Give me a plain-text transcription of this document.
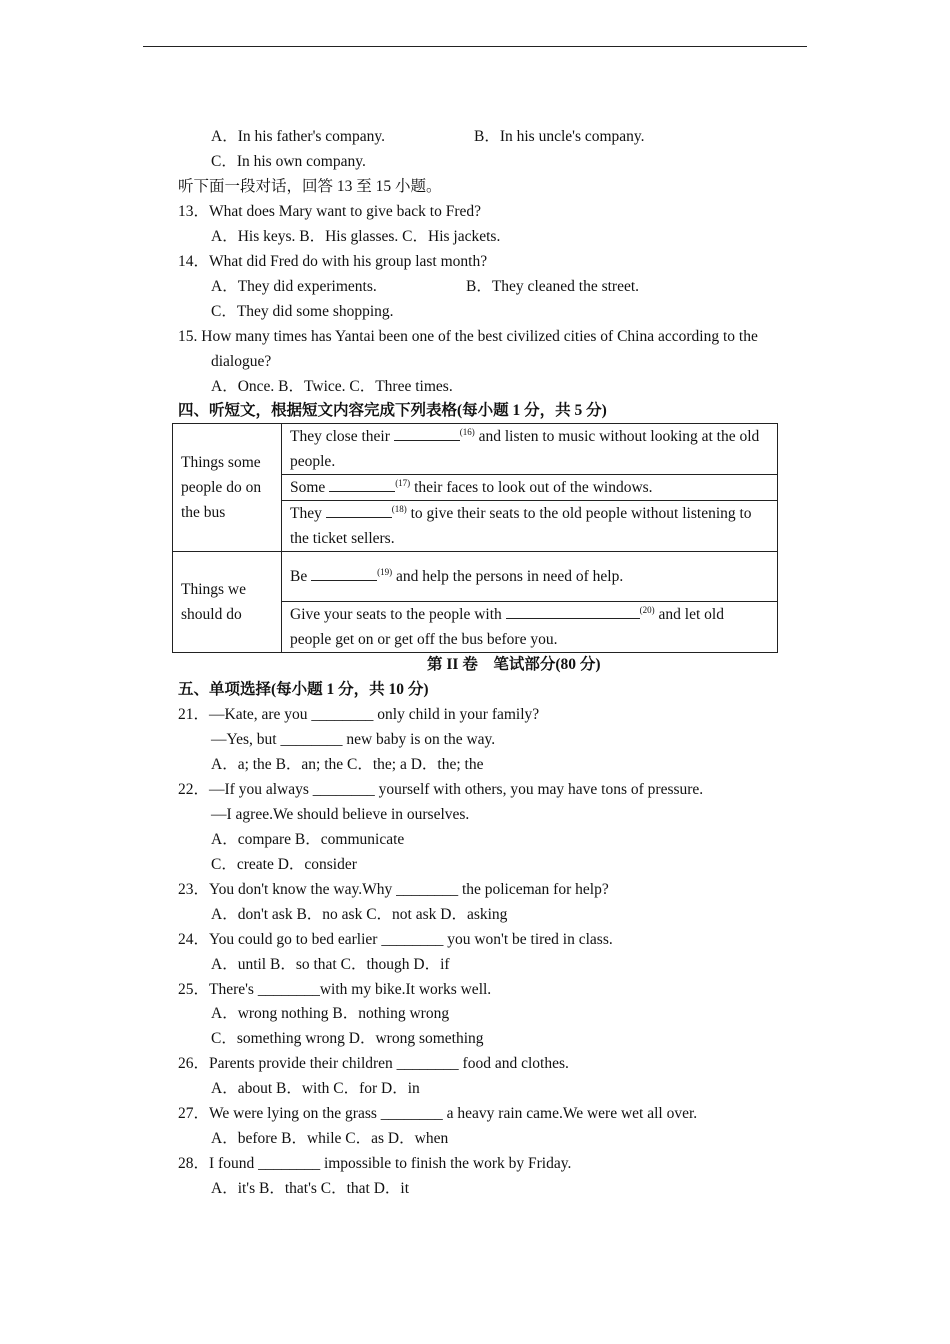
A．In his father's company.	B．In his uncle's company.
C．In his own company.
听下面一段对话，回答 13 至 15 小题。
13．What does Mary want to give back to Fred?
A．His keys. B．His glasses. C．His jackets.
14．What did Fred do with his group last month?
A．They did experiments.	B．They cleaned the street.
C．They did some shopping.
15. How many times has Yantai been one of the best civilized cities of China according to the
dialogue?
A．Once. B．Twice. C．Three times.
四、听短文，根据短文内容完成下列表格(每小题 1 分，共 5 分)
Things some people do on the bus	They close their $^{(16)}$ and listen to music without looking at the old people.
	Some $^{(17)}$ their faces to look out of the windows.
	They $^{(18)}$ to give their seats to the old people without listening to the ticket sellers.
Things we should do	Be $^{(19)}$ and help the persons in need of help.
	Give your seats to the people with $^{(20)}$ and let old people get on or get off the bus before you.
第 II 卷　笔试部分(80 分)
五、单项选择(每小题 1 分，共 10 分)
21．—Kate, are you ________ only child in your family?
—Yes, but ________ new baby is on the way.
A．a; the B．an; the C．the; a D．the; the
22．—If you always ________ yourself with others, you may have tons of pressure.
—I agree.We should believe in ourselves.
A．compare B．communicate
C．create D．consider
23．You don't know the way.Why ________ the policeman for help?
A．don't ask B．no ask C．not ask D．asking
24．You could go to bed earlier ________ you won't be tired in class.
A．until B．so that C．though D．if
25．There's ________with my bike.It works well.
A．wrong nothing B．nothing wrong
C．something wrong D．wrong something
26．Parents provide their children ________ food and clothes.
A．about B．with C．for D．in
27．We were lying on the grass ________ a heavy rain came.We were wet all over.
A．before B．while C．as D．when
28．I found ________ impossible to finish the work by Friday.
A．it's B．that's C．that D．it
